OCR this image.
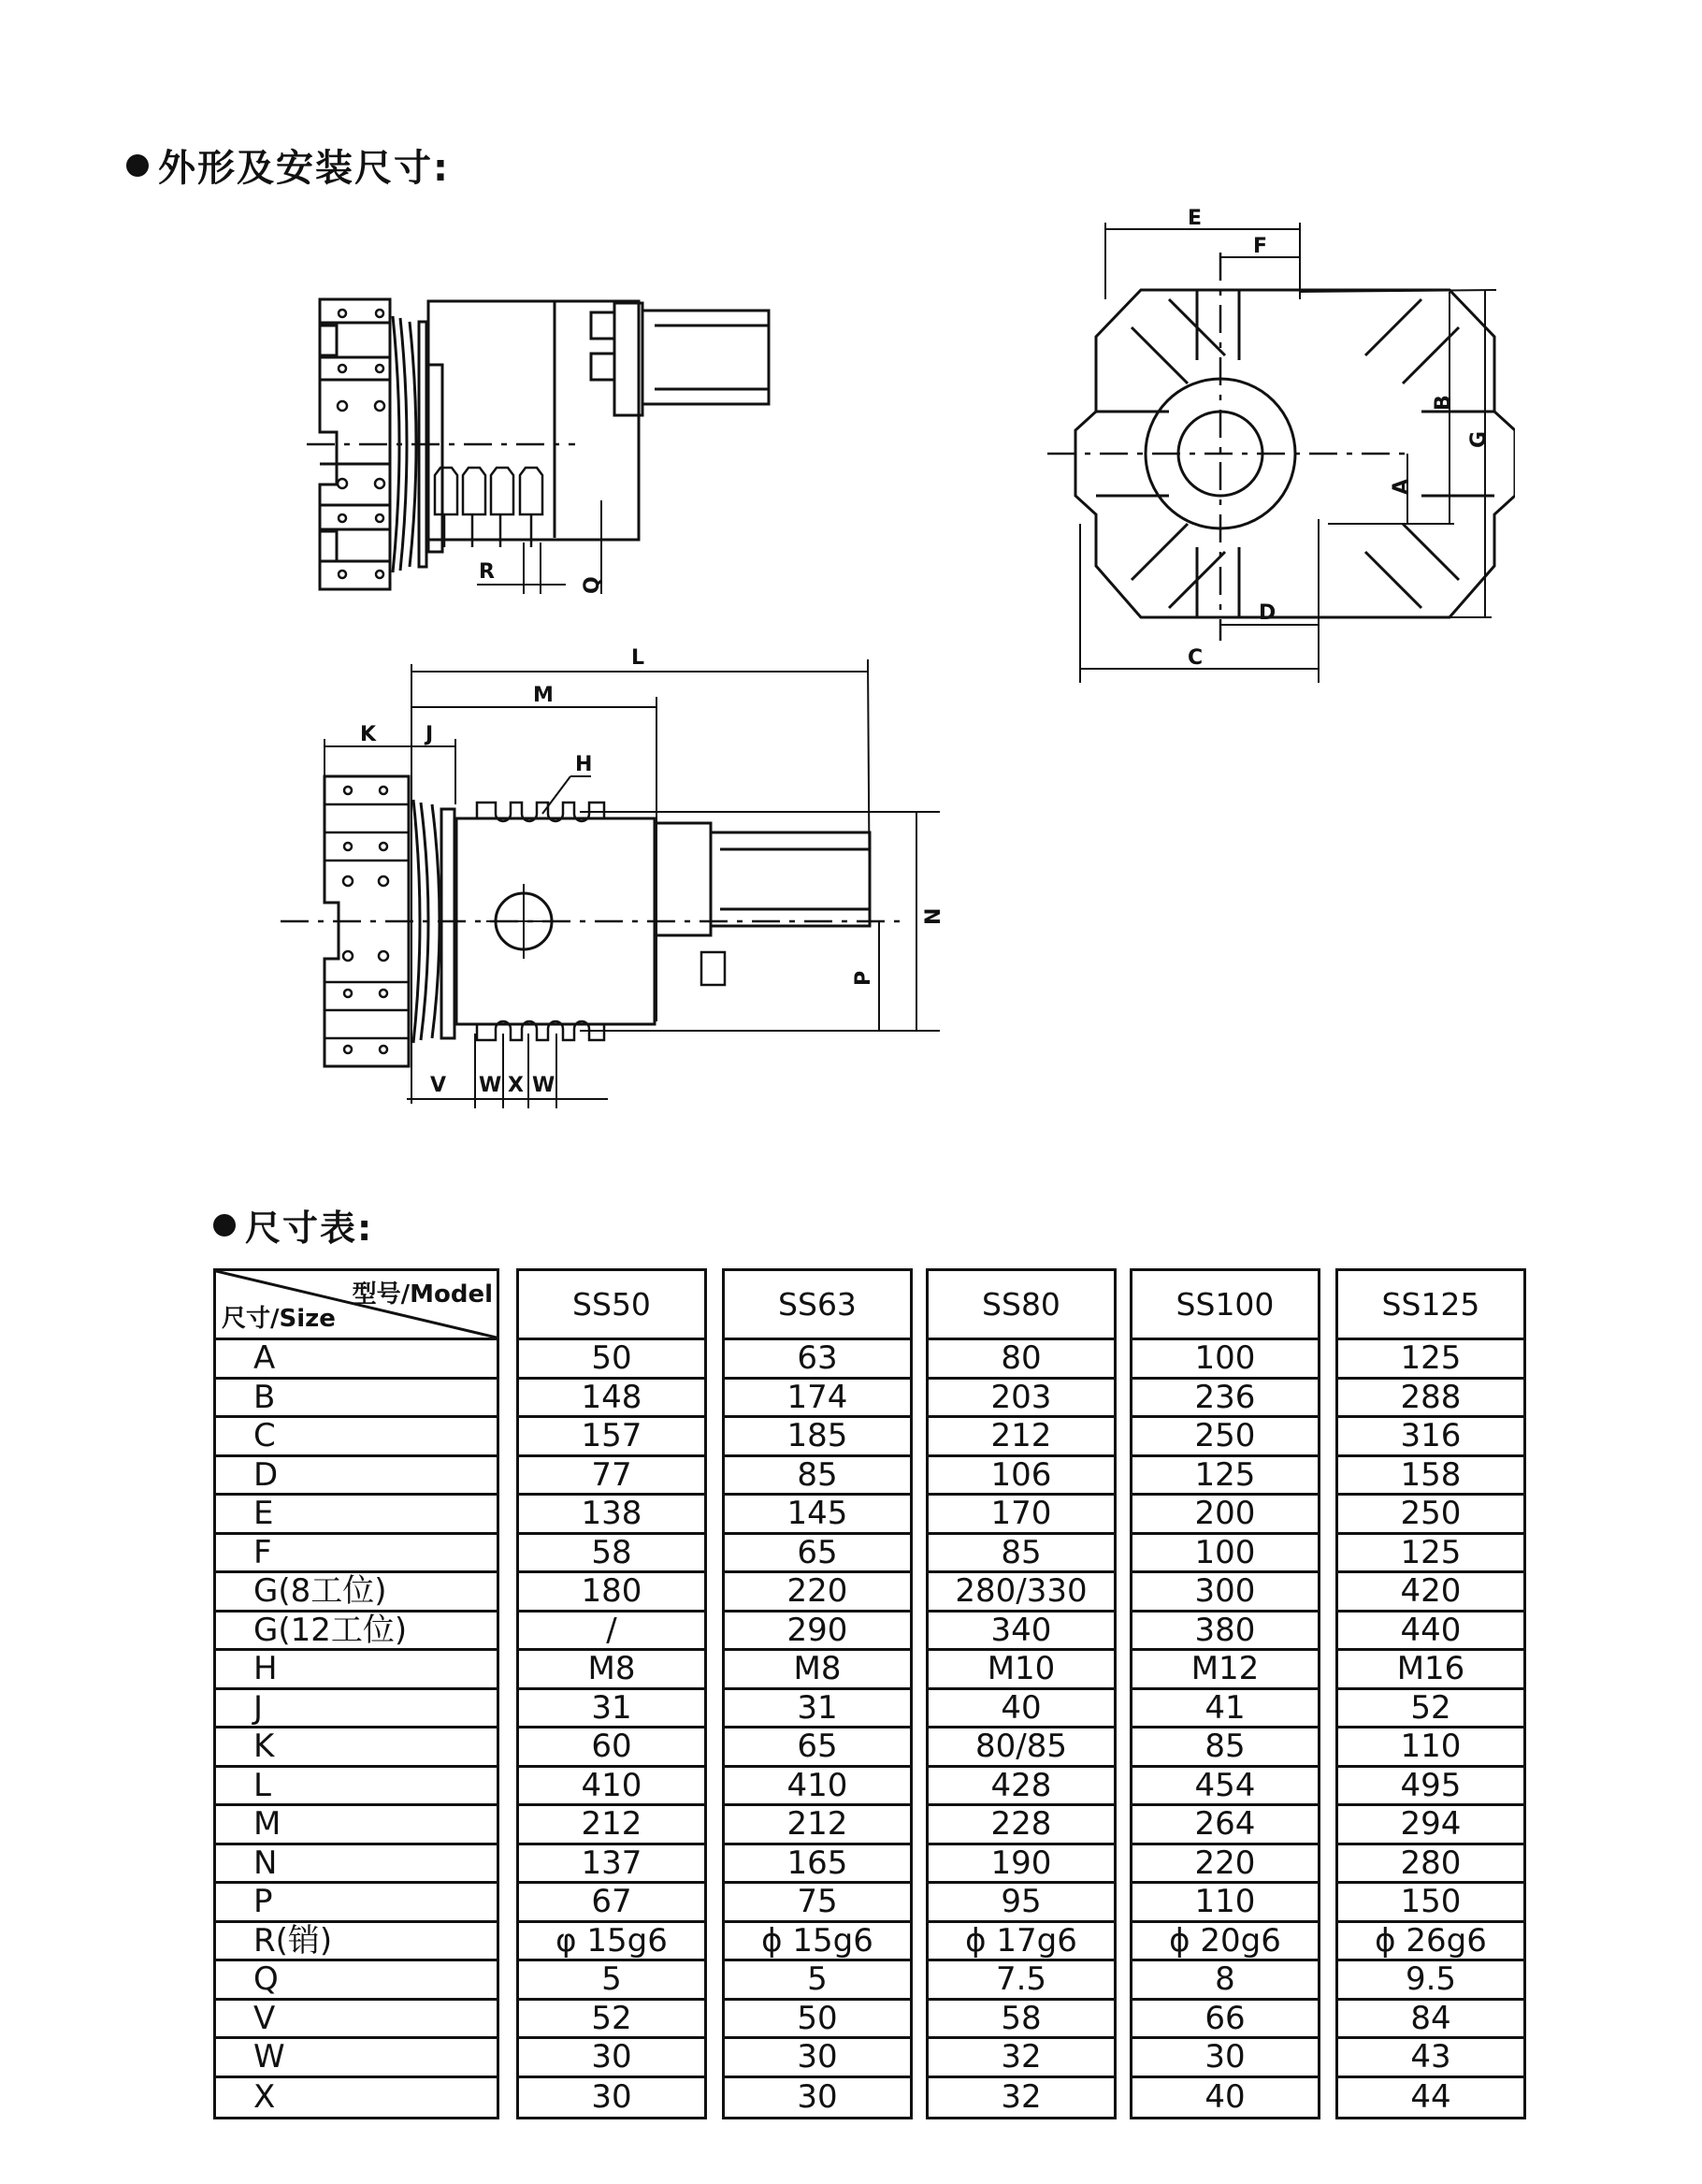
外形及安装尺寸:
R
Q
E
F
A
B
G
D
C
L
M
K J
H
N
P
V W X W
尺寸表:
型号/Model
尺寸/Size
A
B
C
D
E
F
G(8工位)
G(12工位)
H
J
K
L
M
N
P
R(销)
Q
V
W
X
SS50
50
148
157
77
138
58
180
/
M8
31
60
410
212
137
67
φ 15g6
5
52
30
30
SS63
63
174
185
85
145
65
220
290
M8
31
65
410
212
165
75
ϕ 15g6
5
50
30
30
SS80
80
203
212
106
170
85
280/330
340
M10
40
80/85
428
228
190
95
ϕ 17g6
7.5
58
32
32
SS100
100
236
250
125
200
100
300
380
M12
41
85
454
264
220
110
ϕ 20g6
8
66
30
40
SS125
125
288
316
158
250
125
420
440
M16
52
110
495
294
280
150
ϕ 26g6
9.5
84
43
44
